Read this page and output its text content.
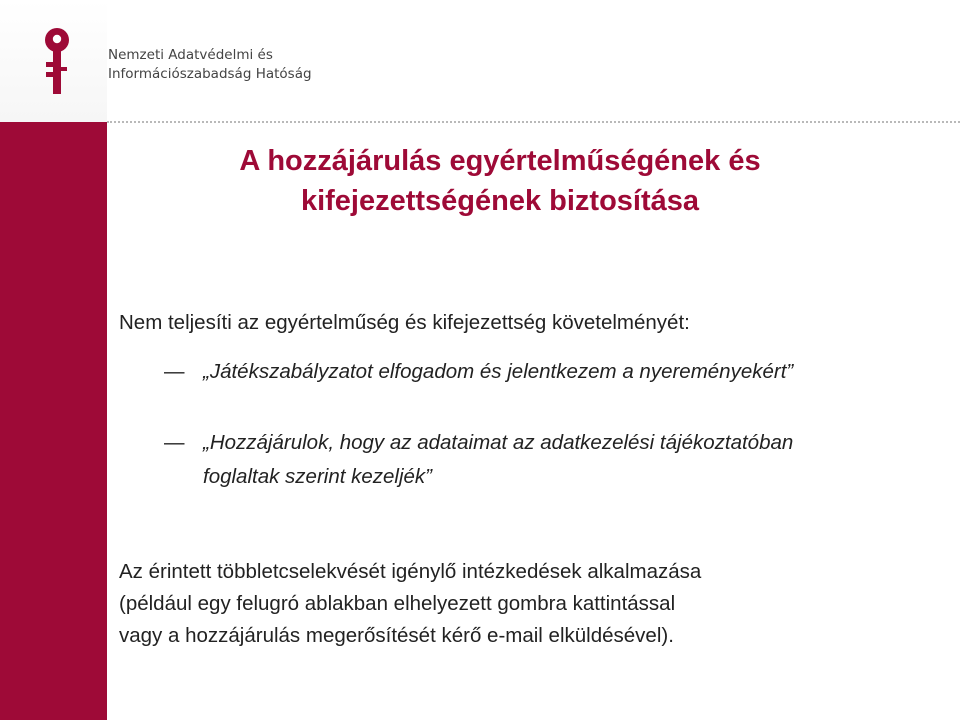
Nemzeti Adatvédelmi és
Információszabadság Hatóság
A hozzájárulás egyértelműségének és
kifejezettségének biztosítása
Nem teljesíti az egyértelműség és kifejezettség követelményét:
— „Játékszabályzatot elfogadom és jelentkezem a nyereményekért”
— „Hozzájárulok, hogy az adataimat az adatkezelési tájékoztatóban foglaltak szerint kezeljék”
Az érintett többletcselekvését igénylő intézkedések alkalmazása
(például egy felugró ablakban elhelyezett gombra kattintással
vagy a hozzájárulás megerősítését kérő e-mail elküldésével).
